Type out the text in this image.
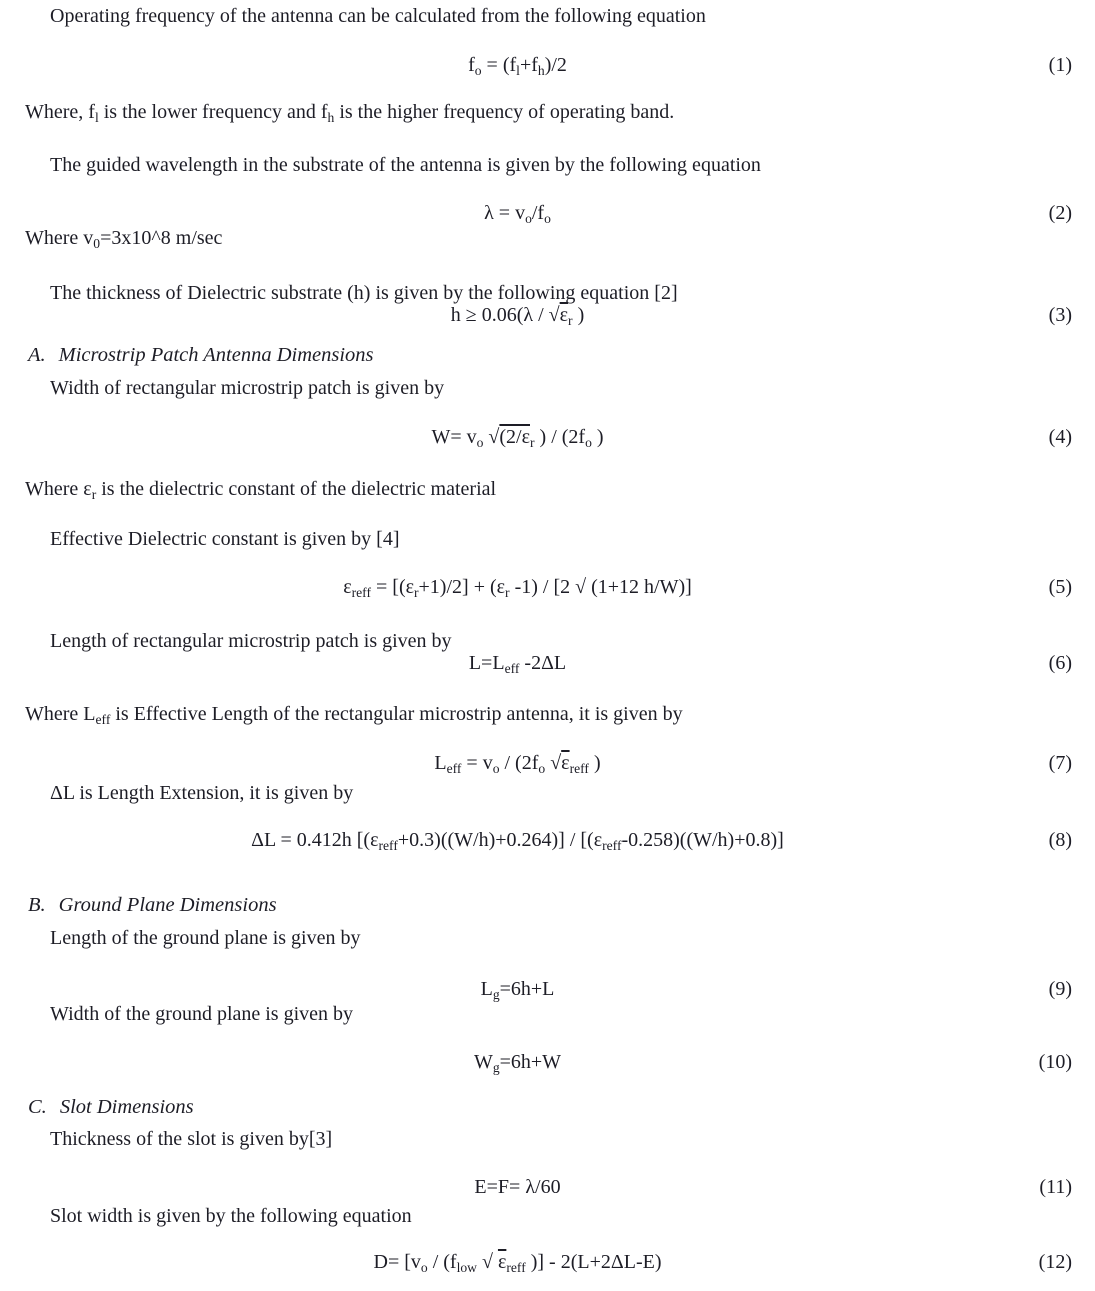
Operating frequency of the antenna can be calculated from the following equation
$f_o = (f_l+f_h)/2$	(1)
Where, $f_l$ is the lower frequency and $f_h$ is the higher frequency of operating band.
The guided wavelength in the substrate of the antenna is given by the following equation
$\lambda = v_o/f_o$	(2)
Where $v_0=3x10\^{}8$ m/sec
The thickness of Dielectric substrate (h) is given by the following equation [2]
$h \ge 0.06(\lambda / √\varepsilon_r$ )	(3)
A. Microstrip Patch Antenna Dimensions
Width of rectangular microstrip patch is given by
$W= v_o$ $√(2/\varepsilon_r$ ) / ($2f_o$ )	(4)
Where $\varepsilon_r$ is the dielectric constant of the dielectric material
Effective Dielectric constant is given by [4]
$\varepsilon_{reff} = [(\varepsilon_r+1)/2] + (\varepsilon_r$ -1) / [2 √ (1+12 h/W)]	(5)
Length of rectangular microstrip patch is given by
$L=L_{eff}$ -2ΔL	(6)
Where $L_{eff}$ is Effective Length of the rectangular microstrip antenna, it is given by
$L_{eff} = v_o / (2f_o$ $√\varepsilon_{reff}$ )	(7)
ΔL is Length Extension, it is given by
ΔL = 0.412h $[(\varepsilon_{reff}+0.3)((W/h)+0.264)] / [(\varepsilon_{reff}-0.258)((W/h)+0.8)]$	(8)
B. Ground Plane Dimensions
Length of the ground plane is given by
$L_g=6h+L$	(9)
Width of the ground plane is given by
$W_g=6h+W$	(10)
C. Slot Dimensions
Thickness of the slot is given by[3]
E=F= λ/60	(11)
Slot width is given by the following equation
$D= [v_o / (f_{low}$ √ $\varepsilon_{reff}$ )] - 2(L+2ΔL-E)	(12)
